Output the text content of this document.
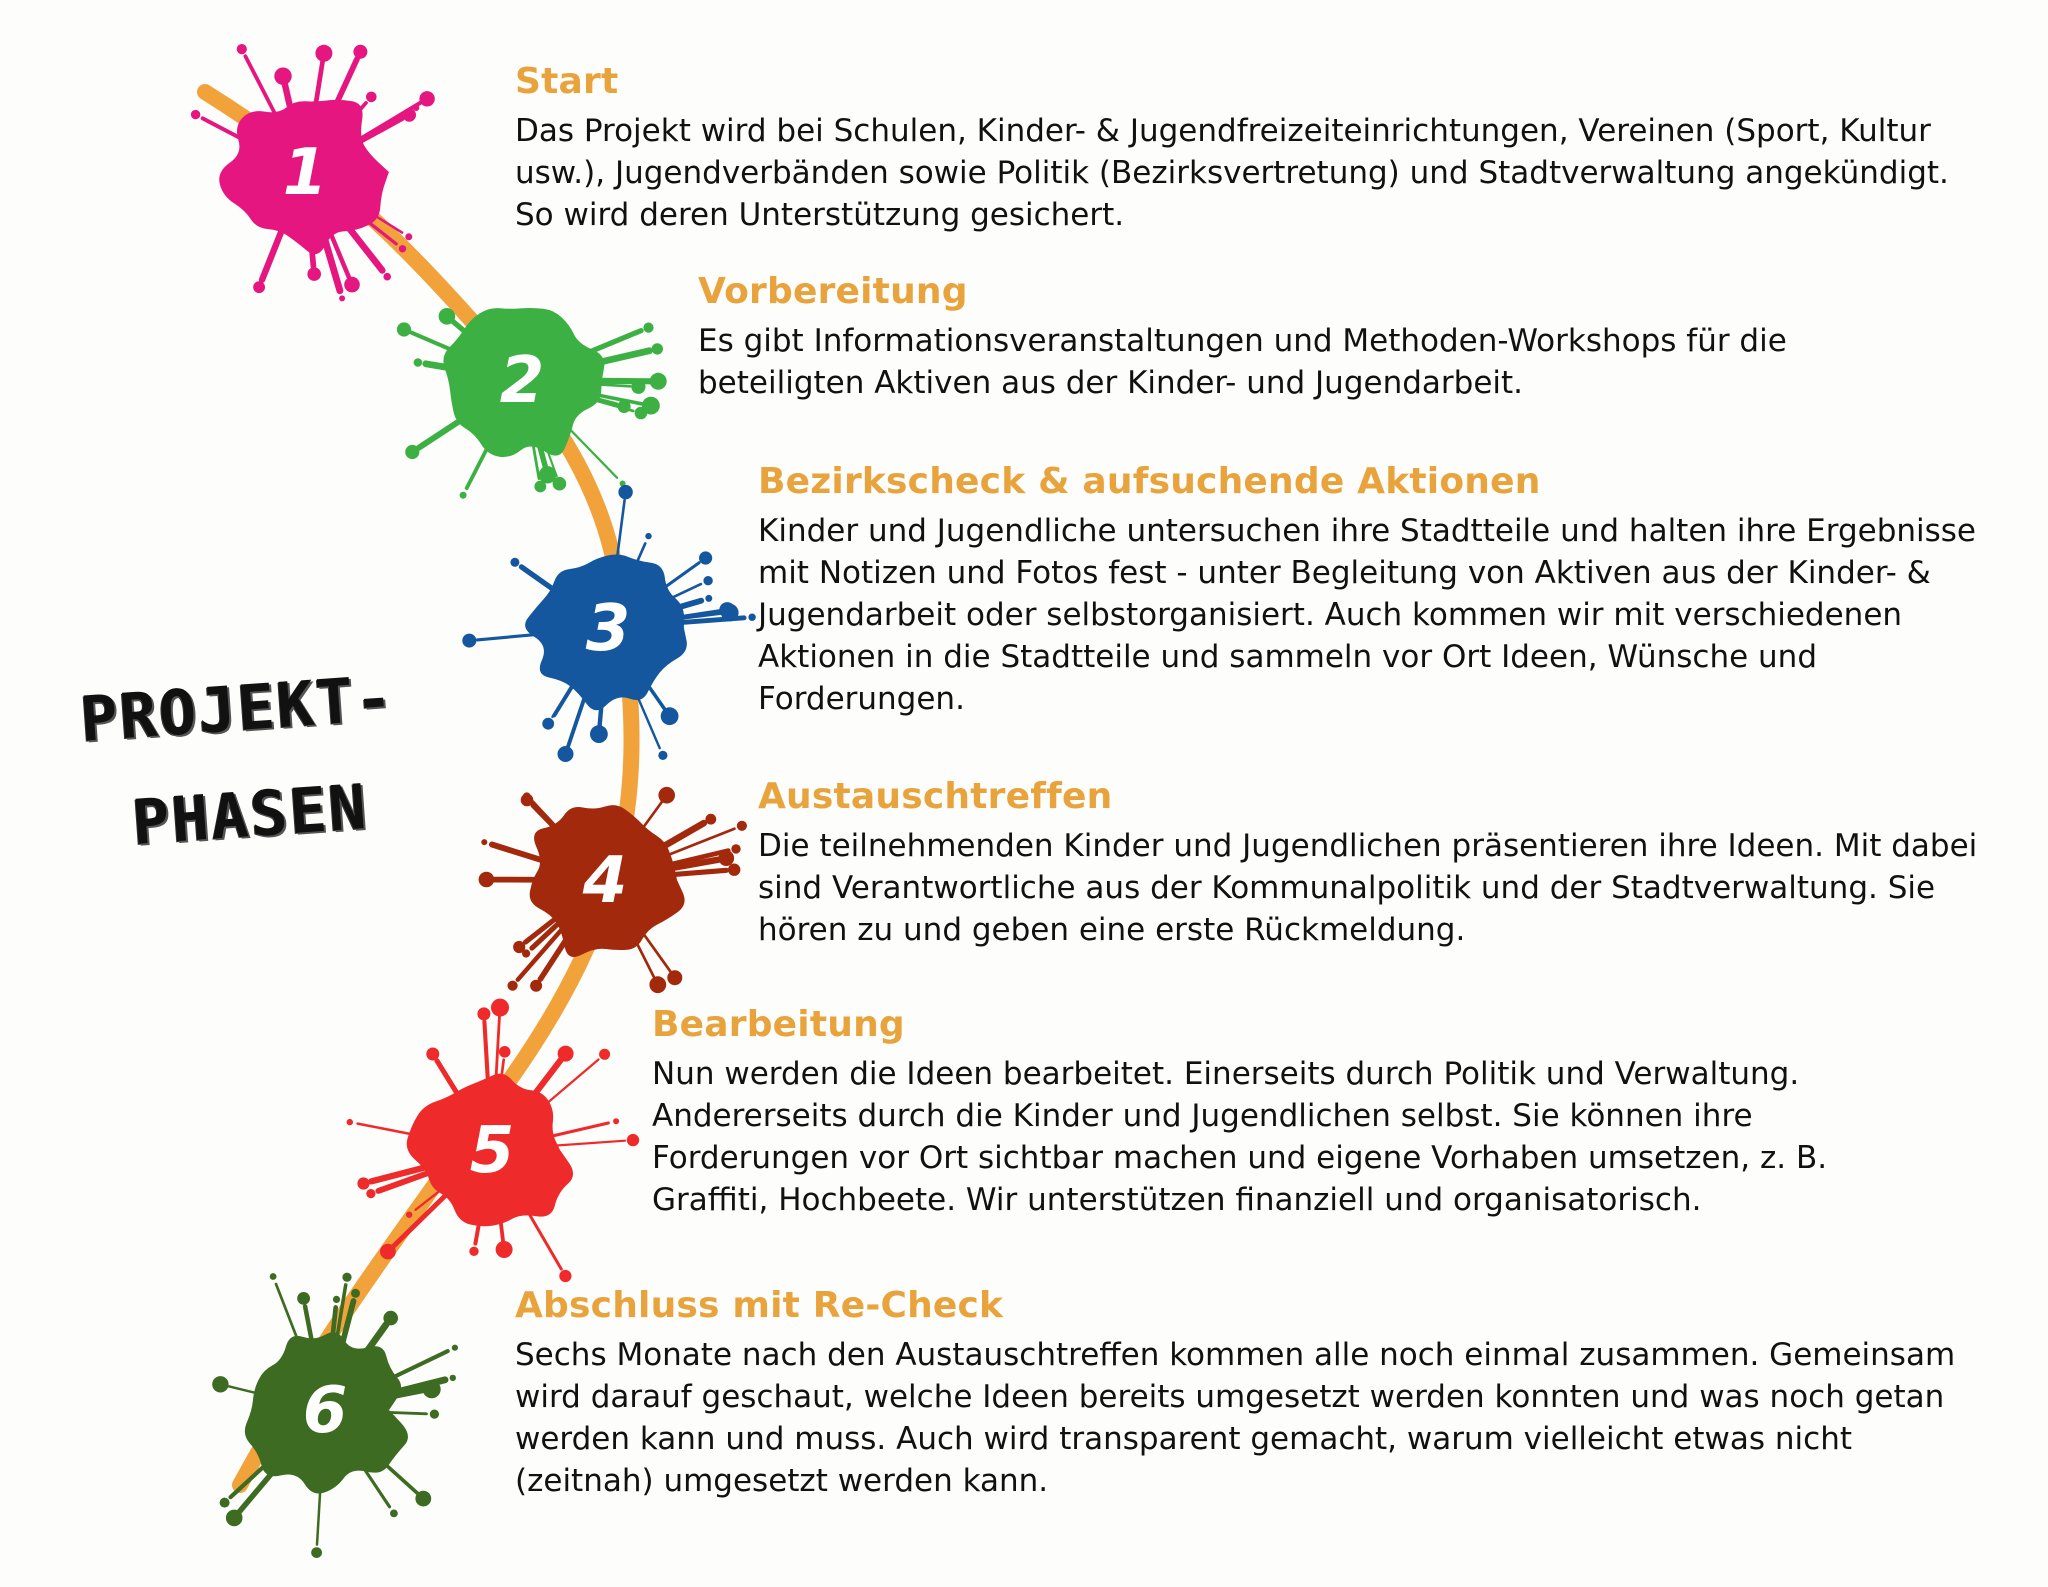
1
2
3
4
5
6
PROJEKT-
PHASEN
Start
Das Projekt wird bei Schulen, Kinder- & Jugendfreizeiteinrichtungen, Vereinen (Sport, Kultur usw.), Jugendverbänden sowie Politik (Bezirksvertretung) und Stadtverwaltung angekündigt. So wird deren Unterstützung gesichert.
Vorbereitung
Es gibt Informationsveranstaltungen und Methoden-Workshops für die beteiligten Aktiven aus der Kinder- und Jugendarbeit.
Bezirkscheck & aufsuchende Aktionen
Kinder und Jugendliche untersuchen ihre Stadtteile und halten ihre Ergebnisse mit Notizen und Fotos fest - unter Begleitung von Aktiven aus der Kinder- & Jugendarbeit oder selbstorganisiert. Auch kommen wir mit verschiedenen Aktionen in die Stadtteile und sammeln vor Ort Ideen, Wünsche und Forderungen.
Austauschtreffen
Die teilnehmenden Kinder und Jugendlichen präsentieren ihre Ideen. Mit dabei sind Verantwortliche aus der Kommunalpolitik und der Stadtverwaltung. Sie hören zu und geben eine erste Rückmeldung.
Bearbeitung
Nun werden die Ideen bearbeitet. Einerseits durch Politik und Verwaltung. Andererseits durch die Kinder und Jugendlichen selbst. Sie können ihre Forderungen vor Ort sichtbar machen und eigene Vorhaben umsetzen, z. B. Graffiti, Hochbeete. Wir unterstützen finanziell und organisatorisch.
Abschluss mit Re-Check
Sechs Monate nach den Austauschtreffen kommen alle noch einmal zusammen. Gemeinsam wird darauf geschaut, welche Ideen bereits umgesetzt werden konnten und was noch getan werden kann und muss. Auch wird transparent gemacht, warum vielleicht etwas nicht (zeitnah) umgesetzt werden kann.
